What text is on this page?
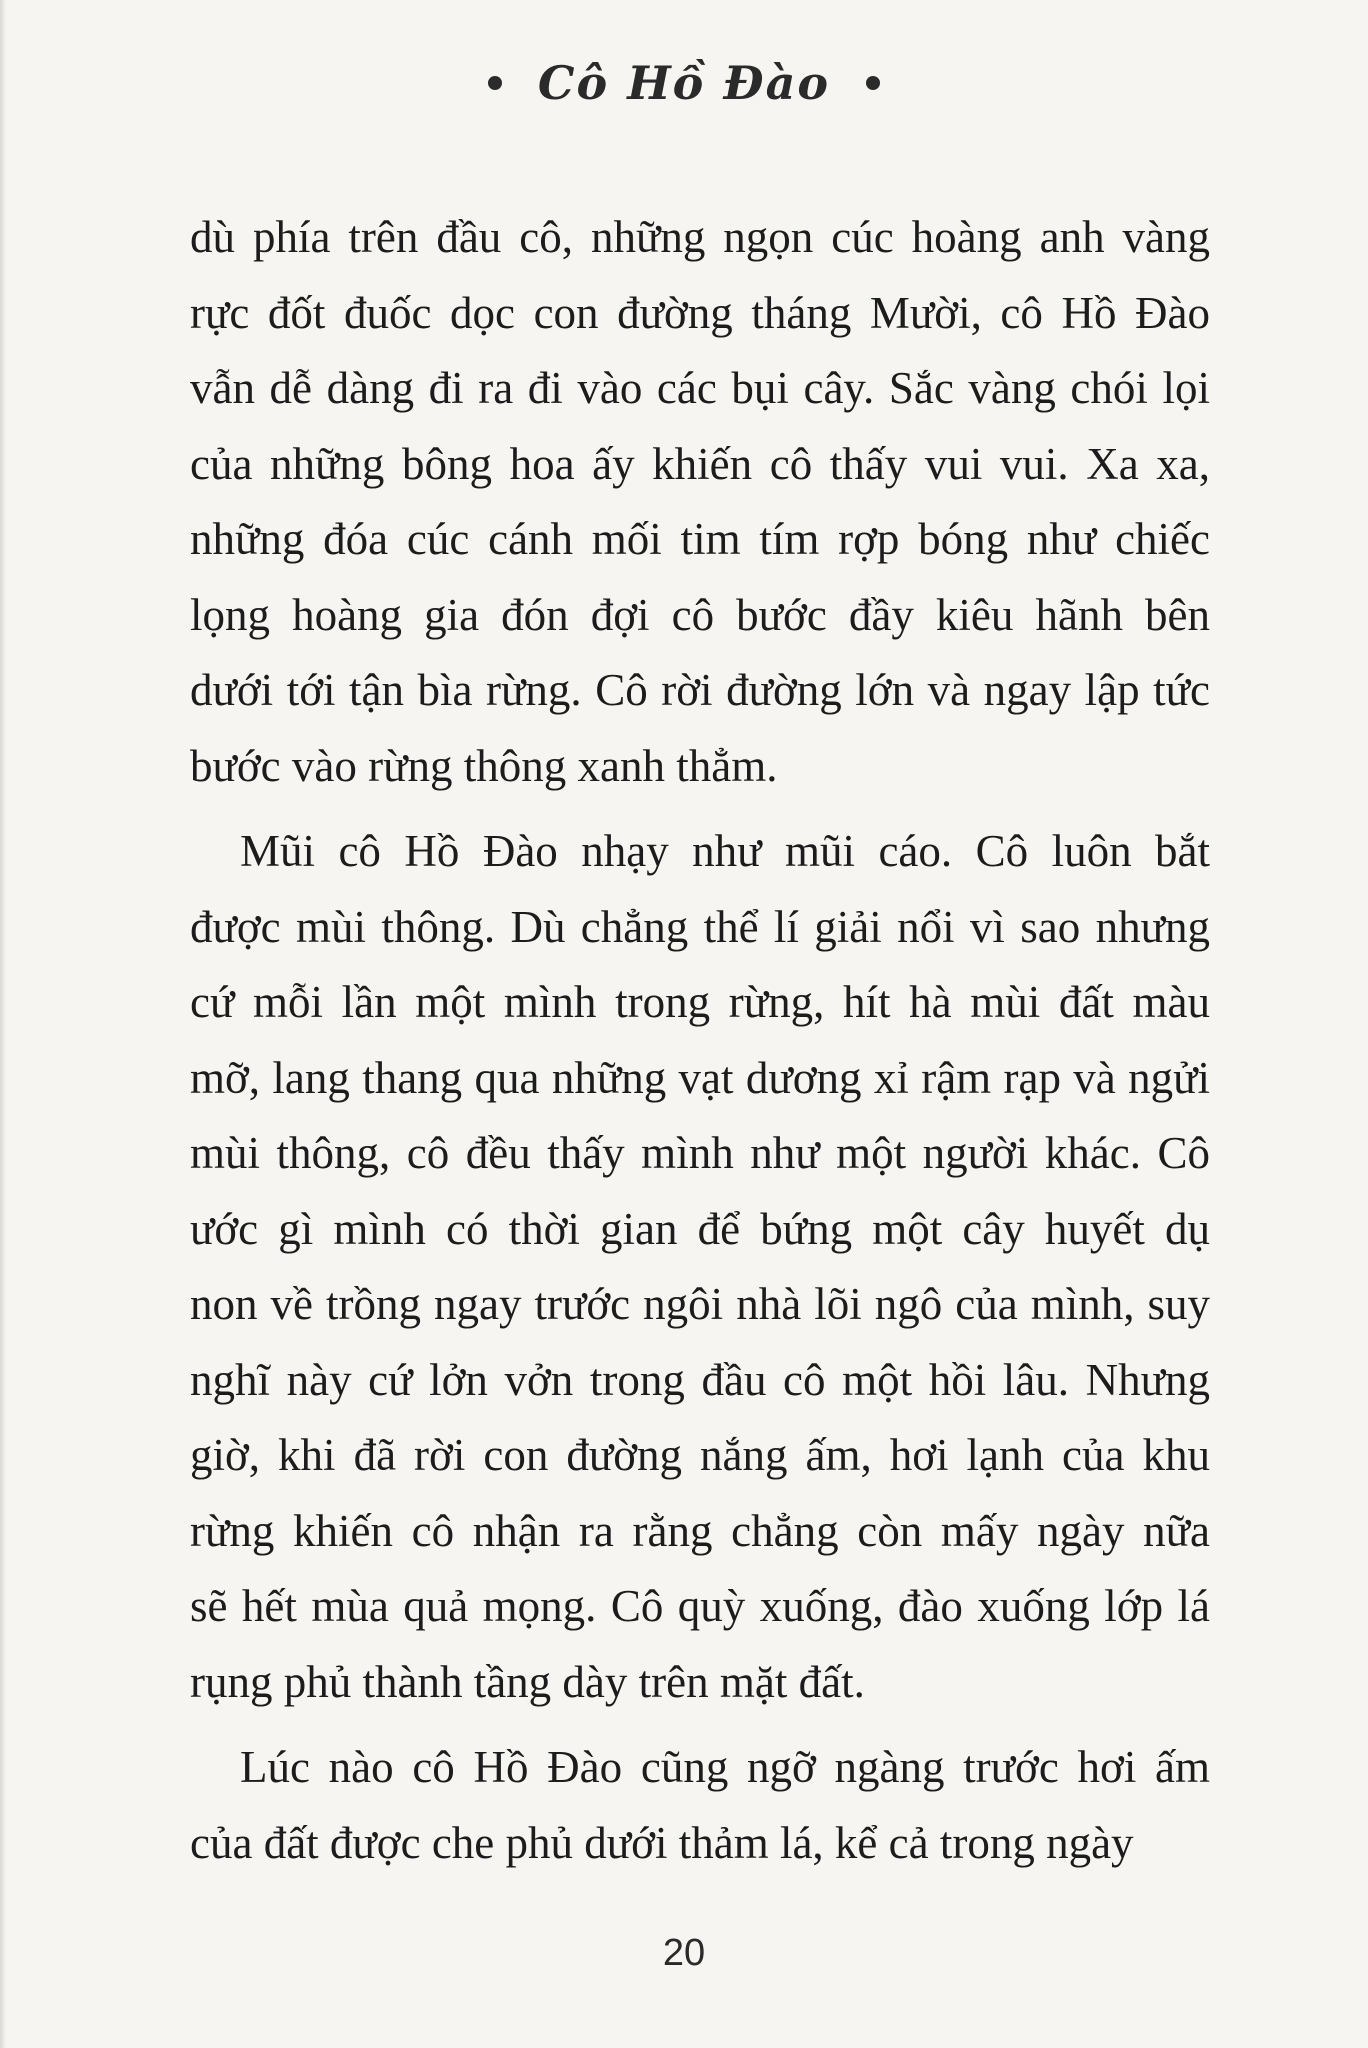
Cô Hồ Đào
dù phía trên đầu cô, những ngọn cúc hoàng anh vàng
rực đốt đuốc dọc con đường tháng Mười, cô Hồ Đào
vẫn dễ dàng đi ra đi vào các bụi cây. Sắc vàng chói lọi
của những bông hoa ấy khiến cô thấy vui vui. Xa xa,
những đóa cúc cánh mối tim tím rợp bóng như chiếc
lọng hoàng gia đón đợi cô bước đầy kiêu hãnh bên
dưới tới tận bìa rừng. Cô rời đường lớn và ngay lập tức
bước vào rừng thông xanh thẳm.
Mũi cô Hồ Đào nhạy như mũi cáo. Cô luôn bắt
được mùi thông. Dù chẳng thể lí giải nổi vì sao nhưng
cứ mỗi lần một mình trong rừng, hít hà mùi đất màu
mỡ, lang thang qua những vạt dương xỉ rậm rạp và ngửi
mùi thông, cô đều thấy mình như một người khác. Cô
ước gì mình có thời gian để bứng một cây huyết dụ
non về trồng ngay trước ngôi nhà lõi ngô của mình, suy
nghĩ này cứ lởn vởn trong đầu cô một hồi lâu. Nhưng
giờ, khi đã rời con đường nắng ấm, hơi lạnh của khu
rừng khiến cô nhận ra rằng chẳng còn mấy ngày nữa
sẽ hết mùa quả mọng. Cô quỳ xuống, đào xuống lớp lá
rụng phủ thành tầng dày trên mặt đất.
Lúc nào cô Hồ Đào cũng ngỡ ngàng trước hơi ấm
của đất được che phủ dưới thảm lá, kể cả trong ngày
20
